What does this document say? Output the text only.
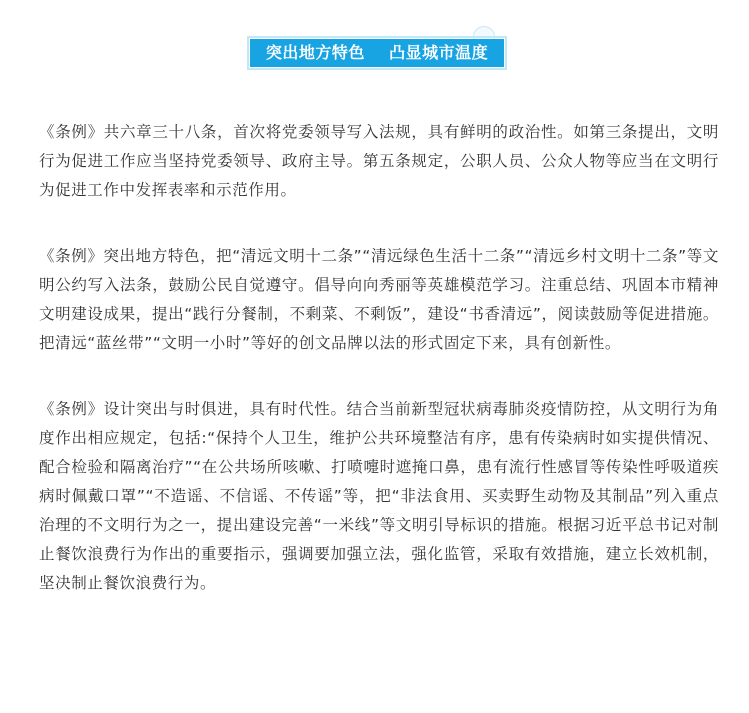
突出地方特色    凸显城市温度

《条例》共六章三十八条，首次将党委领导写入法规，具有鲜明的政治性。如第三条提出，文明行为促进工作应当坚持党委领导、政府主导。第五条规定，公职人员、公众人物等应当在文明行为促进工作中发挥表率和示范作用。

《条例》突出地方特色，把“清远文明十二条”“清远绿色生活十二条”“清远乡村文明十二条”等文明公约写入法条，鼓励公民自觉遵守。倡导向向秀丽等英雄模范学习。注重总结、巩固本市精神文明建设成果，提出“践行分餐制，不剩菜、不剩饭”，建设“书香清远”，阅读鼓励等促进措施。把清远“蓝丝带”“文明一小时”等好的创文品牌以法的形式固定下来，具有创新性。

《条例》设计突出与时俱进，具有时代性。结合当前新型冠状病毒肺炎疫情防控，从文明行为角度作出相应规定，包括:“保持个人卫生，维护公共环境整洁有序，患有传染病时如实提供情况、配合检验和隔离治疗”“在公共场所咳嗽、打喷嚏时遮掩口鼻，患有流行性感冒等传染性呼吸道疾病时佩戴口罩”“不造谣、不信谣、不传谣”等，把“非法食用、买卖野生动物及其制品”列入重点治理的不文明行为之一，提出建设完善“一米线”等文明引导标识的措施。根据习近平总书记对制止餐饮浪费行为作出的重要指示，强调要加强立法，强化监管，采取有效措施，建立长效机制，坚决制止餐饮浪费行为。
